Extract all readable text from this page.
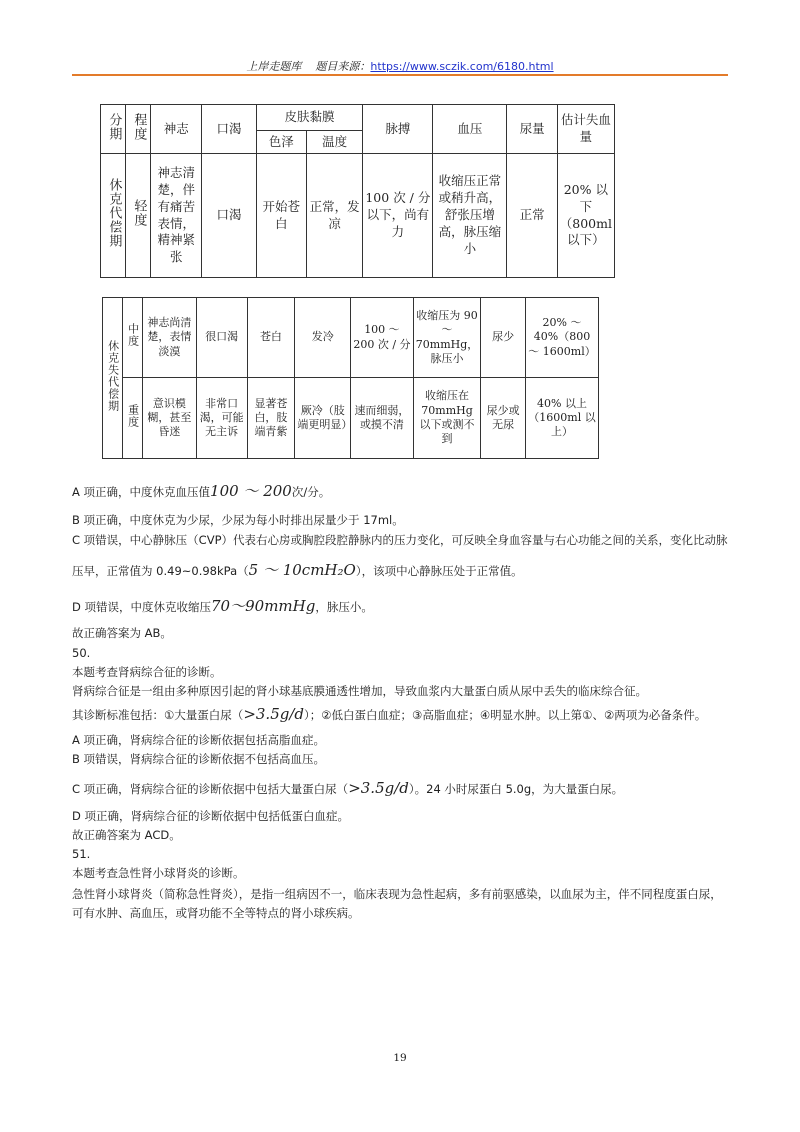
上岸走题库 题目来源：https://www.sczik.com/6180.html
分期	程度	神志	口渴	皮肤黏膜		脉搏	血压	尿量	估计失血量
				色泽	温度				
休克代偿期	轻度	神志清楚，伴有痛苦表情，精神紧张	口渴	开始苍白	正常，发凉	100 次 / 分以下，尚有力	收缩压正常或稍升高，舒张压增高，脉压缩小	正常	20% 以下（800ml 以下）
休克失代偿期	中度	神志尚清楚，表情淡漠	很口渴	苍白	发冷	100 ～ 200 次 / 分	收缩压为 90 ～ 70mmHg，脉压小	尿少	20% ～ 40%（800 ～ 1600ml）
	重度	意识模糊，甚至昏迷	非常口渴，可能无主诉	显著苍白，肢端青紫	厥冷（肢端更明显）	速而细弱，或摸不清	收缩压在 70mmHg 以下或测不到	尿少或无尿	40% 以上（1600ml 以上）

A 项正确，中度休克血压值100 ～ 200次/分。

B 项正确，中度休克为少尿，少尿为每小时排出尿量少于 17ml。

C 项错误，中心静脉压（CVP）代表右心房或胸腔段腔静脉内的压力变化，可反映全身血容量与右心功能之间的关系，变化比动脉压早，正常值为 0.49~0.98kPa（5 ～ 10cmH₂O），该项中心静脉压处于正常值。

D 项错误，中度休克收缩压70～90mmHg，脉压小。

故正确答案为 AB。

50.

本题考查肾病综合征的诊断。

肾病综合征是一组由多种原因引起的肾小球基底膜通透性增加，导致血浆内大量蛋白质从尿中丢失的临床综合征。

其诊断标准包括：①大量蛋白尿（>3.5g/d）；②低白蛋白血症；③高脂血症；④明显水肿。以上第①、②两项为必备条件。

A 项正确，肾病综合征的诊断依据包括高脂血症。

B 项错误，肾病综合征的诊断依据不包括高血压。

C 项正确，肾病综合征的诊断依据中包括大量蛋白尿（>3.5g/d）。24 小时尿蛋白 5.0g，为大量蛋白尿。

D 项正确，肾病综合征的诊断依据中包括低蛋白血症。

故正确答案为 ACD。

51.

本题考查急性肾小球肾炎的诊断。

急性肾小球肾炎（简称急性肾炎），是指一组病因不一，临床表现为急性起病，多有前驱感染，以血尿为主，伴不同程度蛋白尿，可有水肿、高血压，或肾功能不全等特点的肾小球疾病。

19
